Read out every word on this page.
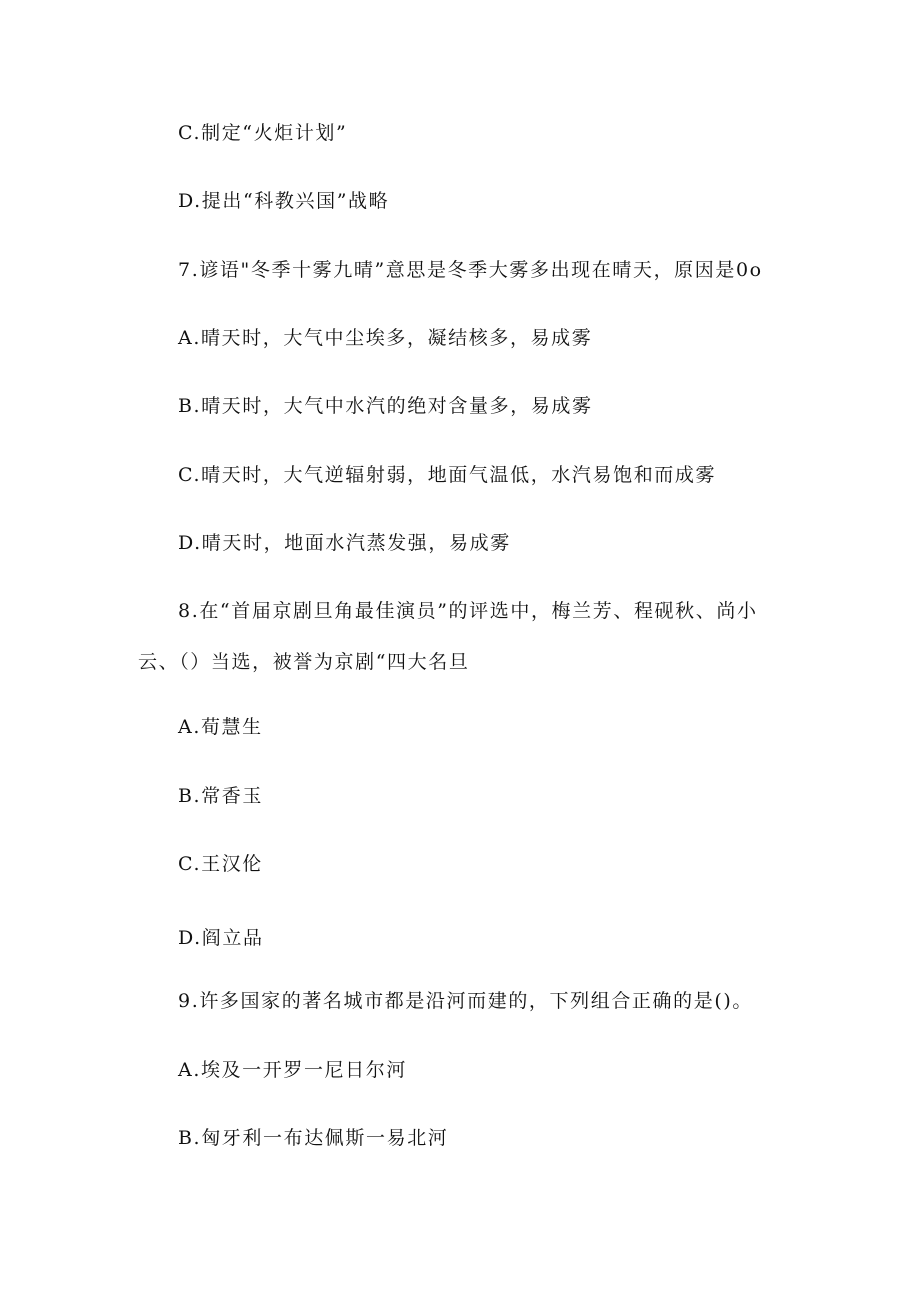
C.制定“火炬计划”
D.提出“科教兴国”战略
7.谚语"冬季十雾九晴”意思是冬季大雾多出现在晴天，原因是0o
A.晴天时，大气中尘埃多，凝结核多，易成雾
B.晴天时，大气中水汽的绝对含量多，易成雾
C.晴天时，大气逆辐射弱，地面气温低，水汽易饱和而成雾
D.晴天时，地面水汽蒸发强，易成雾
8.在“首届京剧旦角最佳演员”的评选中，梅兰芳、程砚秋、尚小
云、（）当选，被誉为京剧“四大名旦
A.荀慧生
B.常香玉
C.王汉伦
D.阎立品
9.许多国家的著名城市都是沿河而建的，下列组合正确的是()。
A.埃及一开罗一尼日尔河
B.匈牙利一布达佩斯一易北河
